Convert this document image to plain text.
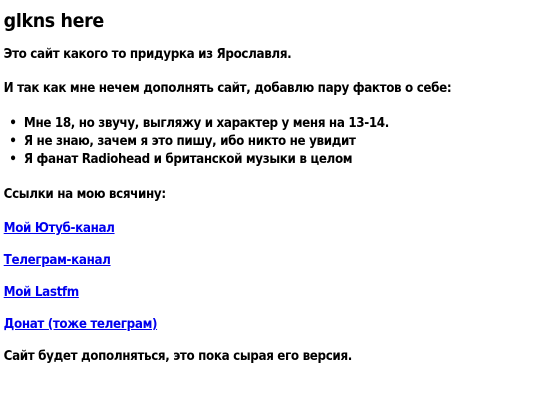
glkns here

Это сайт какого то придурка из Ярославля.

И так как мне нечем дополнять сайт, добавлю пару фактов о себе:

• Мне 18, но звучу, выгляжу и характер у меня на 13-14.
• Я не знаю, зачем я это пишу, ибо никто не увидит
• Я фанат Radiohead и британской музыки в целом

Ссылки на мою всячину:

Мой Ютуб-канал

Телеграм-канал

Мой Lastfm

Донат (тоже телеграм)

Сайт будет дополняться, это пока сырая его версия.
